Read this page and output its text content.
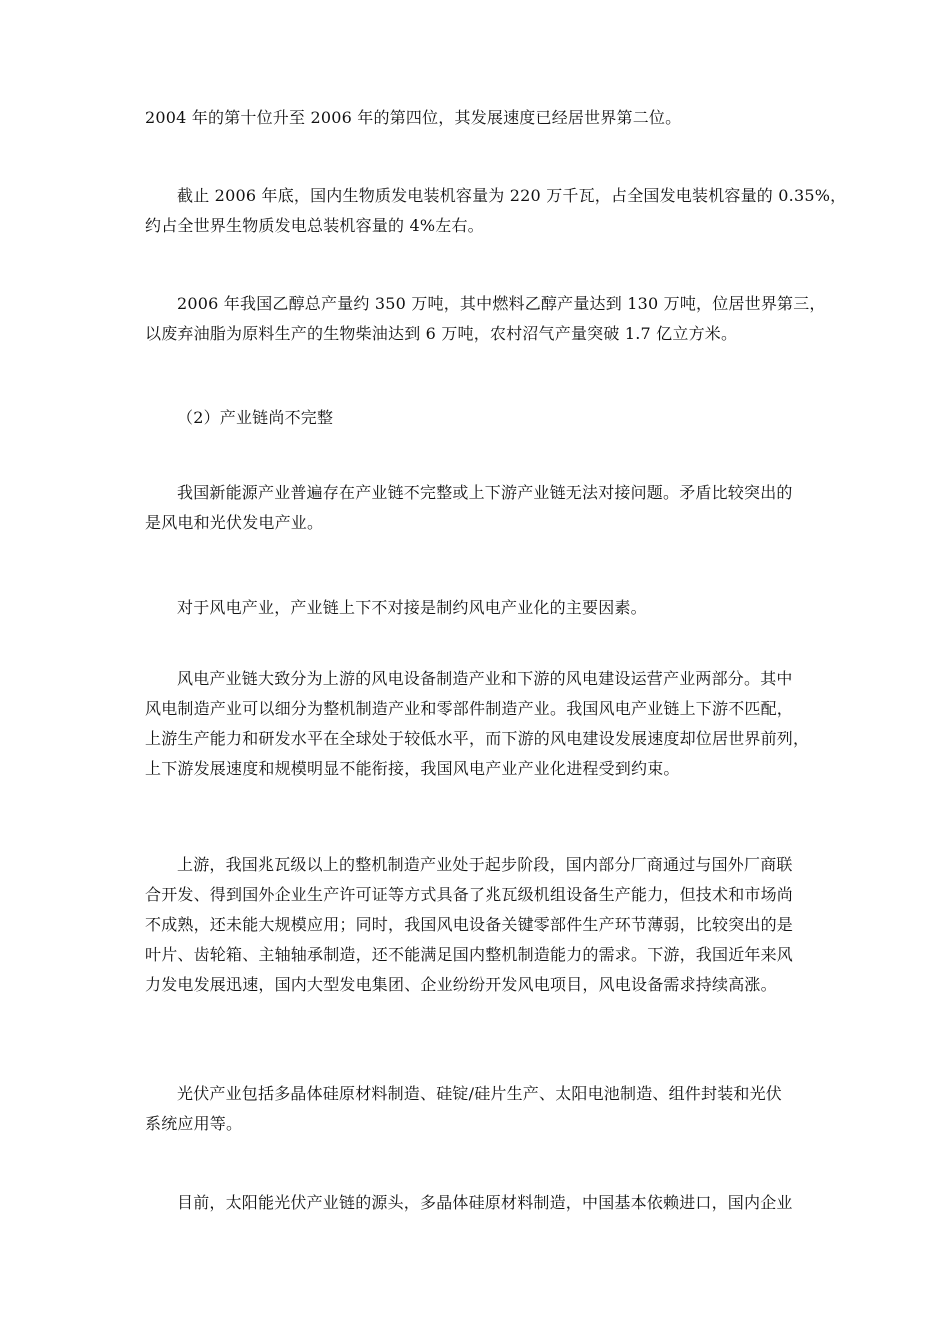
2004 年的第十位升至 2006 年的第四位，其发展速度已经居世界第二位。

截止 2006 年底，国内生物质发电装机容量为 220 万千瓦，占全国发电装机容量的 0.35%，
约占全世界生物质发电总装机容量的 4%左右。

2006 年我国乙醇总产量约 350 万吨，其中燃料乙醇产量达到 130 万吨，位居世界第三，
以废弃油脂为原料生产的生物柴油达到 6 万吨，农村沼气产量突破 1.7 亿立方米。

（2）产业链尚不完整

我国新能源产业普遍存在产业链不完整或上下游产业链无法对接问题。矛盾比较突出的
是风电和光伏发电产业。

对于风电产业，产业链上下不对接是制约风电产业化的主要因素。

风电产业链大致分为上游的风电设备制造产业和下游的风电建设运营产业两部分。其中
风电制造产业可以细分为整机制造产业和零部件制造产业。我国风电产业链上下游不匹配，
上游生产能力和研发水平在全球处于较低水平，而下游的风电建设发展速度却位居世界前列，
上下游发展速度和规模明显不能衔接，我国风电产业产业化进程受到约束。

上游，我国兆瓦级以上的整机制造产业处于起步阶段，国内部分厂商通过与国外厂商联
合开发、得到国外企业生产许可证等方式具备了兆瓦级机组设备生产能力，但技术和市场尚
不成熟，还未能大规模应用；同时，我国风电设备关键零部件生产环节薄弱，比较突出的是
叶片、齿轮箱、主轴轴承制造，还不能满足国内整机制造能力的需求。下游，我国近年来风
力发电发展迅速，国内大型发电集团、企业纷纷开发风电项目，风电设备需求持续高涨。

光伏产业包括多晶体硅原材料制造、硅锭/硅片生产、太阳电池制造、组件封装和光伏
系统应用等。

目前，太阳能光伏产业链的源头，多晶体硅原材料制造，中国基本依赖进口，国内企业
